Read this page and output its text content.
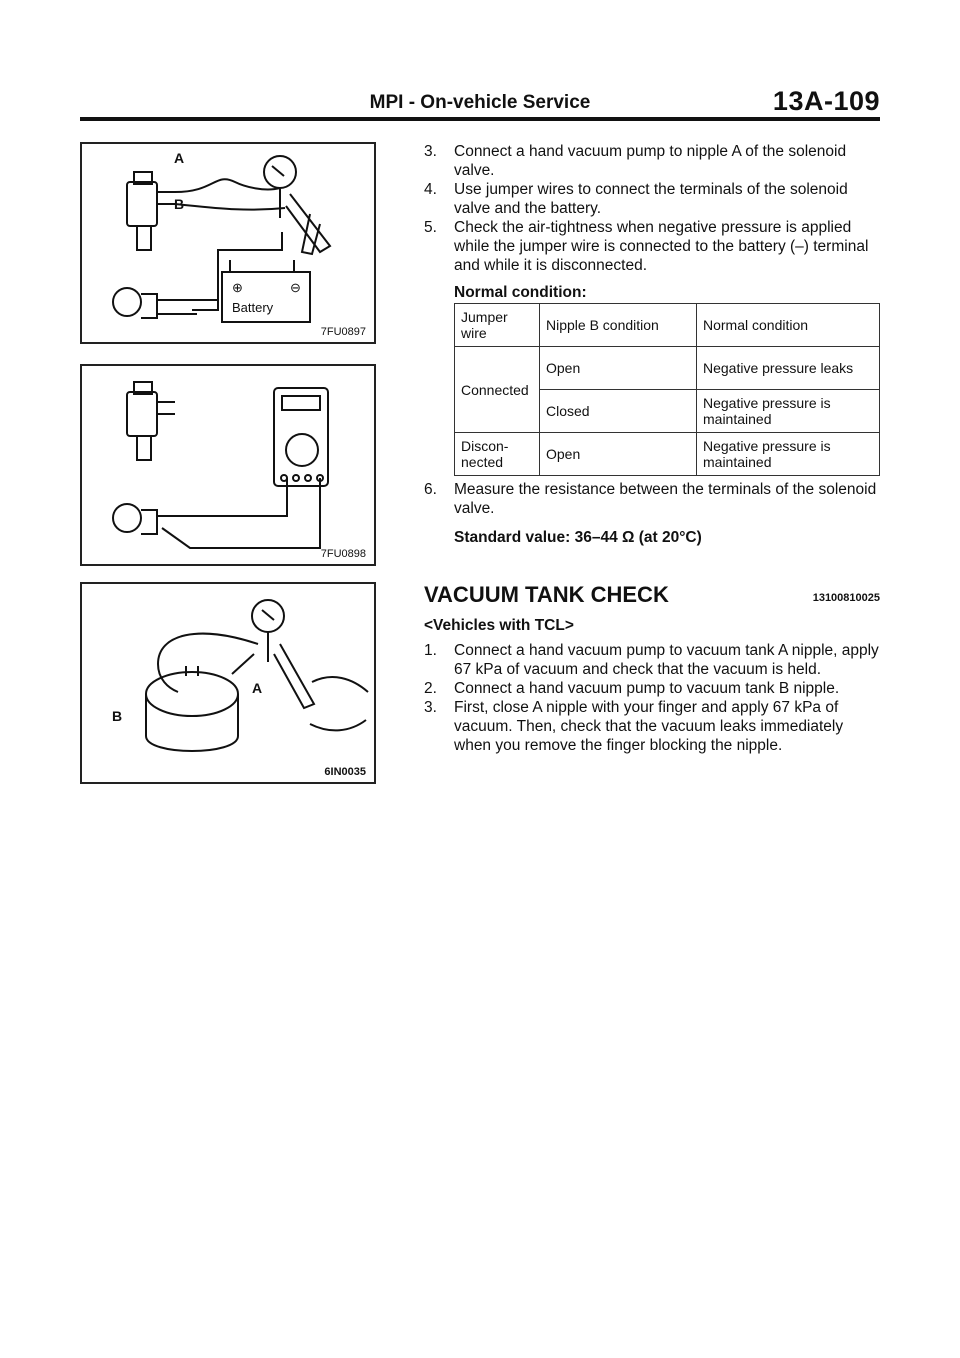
MPI - On-vehicle Service	13A-109
A
B
⊕	⊖
Battery
7FU0897
7FU0898
A
B
6IN0035

3. Connect a hand vacuum pump to nipple A of the solenoid valve.

4. Use jumper wires to connect the terminals of the solenoid valve and the battery.

5. Check the air-tightness when negative pressure is applied while the jumper wire is connected to the battery (–) terminal and while it is disconnected.

Normal condition:

Jumper wire	Nipple B condition	Normal condition
Connected	Open	Negative pressure leaks
	Closed	Negative pressure is maintained
Discon-nected	Open	Negative pressure is maintained

6. Measure the resistance between the terminals of the solenoid valve.

Standard value: 36–44 Ω (at 20°C)

VACUUM TANK CHECK	13100810025

<Vehicles with TCL>

1. Connect a hand vacuum pump to vacuum tank A nipple, apply 67 kPa of vacuum and check that the vacuum is held.

2. Connect a hand vacuum pump to vacuum tank B nipple.

3. First, close A nipple with your finger and apply 67 kPa of vacuum. Then, check that the vacuum leaks immediately when you remove the finger blocking the nipple.
